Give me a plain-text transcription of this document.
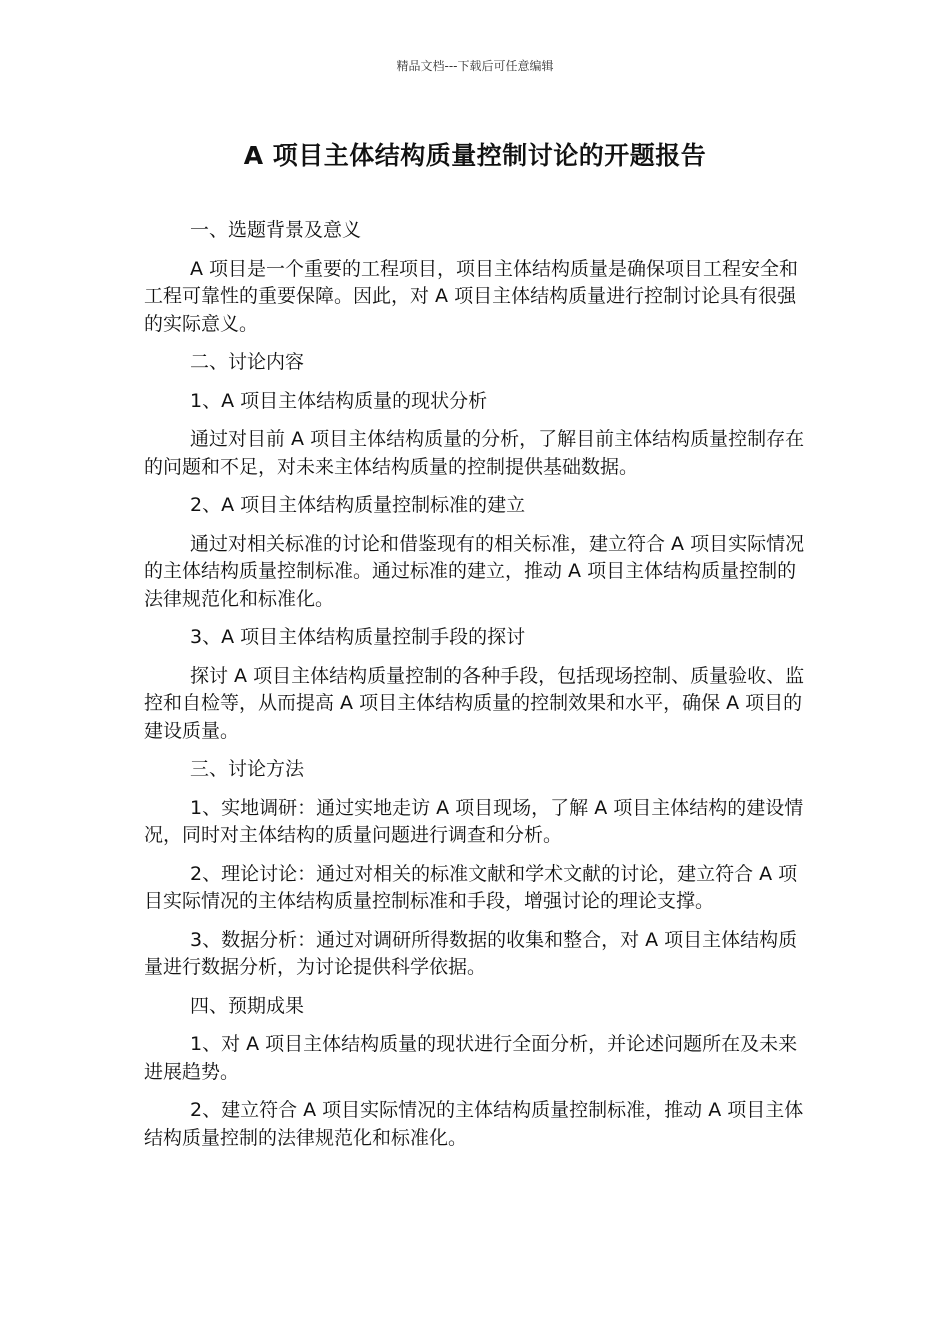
精品文档---下载后可任意编辑
A 项目主体结构质量控制讨论的开题报告

一、选题背景及意义

A 项目是一个重要的工程项目，项目主体结构质量是确保项目工程安全和工程可靠性的重要保障。因此，对 A 项目主体结构质量进行控制讨论具有很强的实际意义。

二、讨论内容

1、A 项目主体结构质量的现状分析

通过对目前 A 项目主体结构质量的分析，了解目前主体结构质量控制存在的问题和不足，对未来主体结构质量的控制提供基础数据。

2、A 项目主体结构质量控制标准的建立

通过对相关标准的讨论和借鉴现有的相关标准，建立符合 A 项目实际情况的主体结构质量控制标准。通过标准的建立，推动 A 项目主体结构质量控制的法律规范化和标准化。

3、A 项目主体结构质量控制手段的探讨

探讨 A 项目主体结构质量控制的各种手段，包括现场控制、质量验收、监控和自检等，从而提高 A 项目主体结构质量的控制效果和水平，确保 A 项目的建设质量。

三、讨论方法

1、实地调研：通过实地走访 A 项目现场，了解 A 项目主体结构的建设情况，同时对主体结构的质量问题进行调查和分析。

2、理论讨论：通过对相关的标准文献和学术文献的讨论，建立符合 A 项目实际情况的主体结构质量控制标准和手段，增强讨论的理论支撑。

3、数据分析：通过对调研所得数据的收集和整合，对 A 项目主体结构质量进行数据分析，为讨论提供科学依据。

四、预期成果

1、对 A 项目主体结构质量的现状进行全面分析，并论述问题所在及未来进展趋势。

2、建立符合 A 项目实际情况的主体结构质量控制标准，推动 A 项目主体结构质量控制的法律规范化和标准化。
